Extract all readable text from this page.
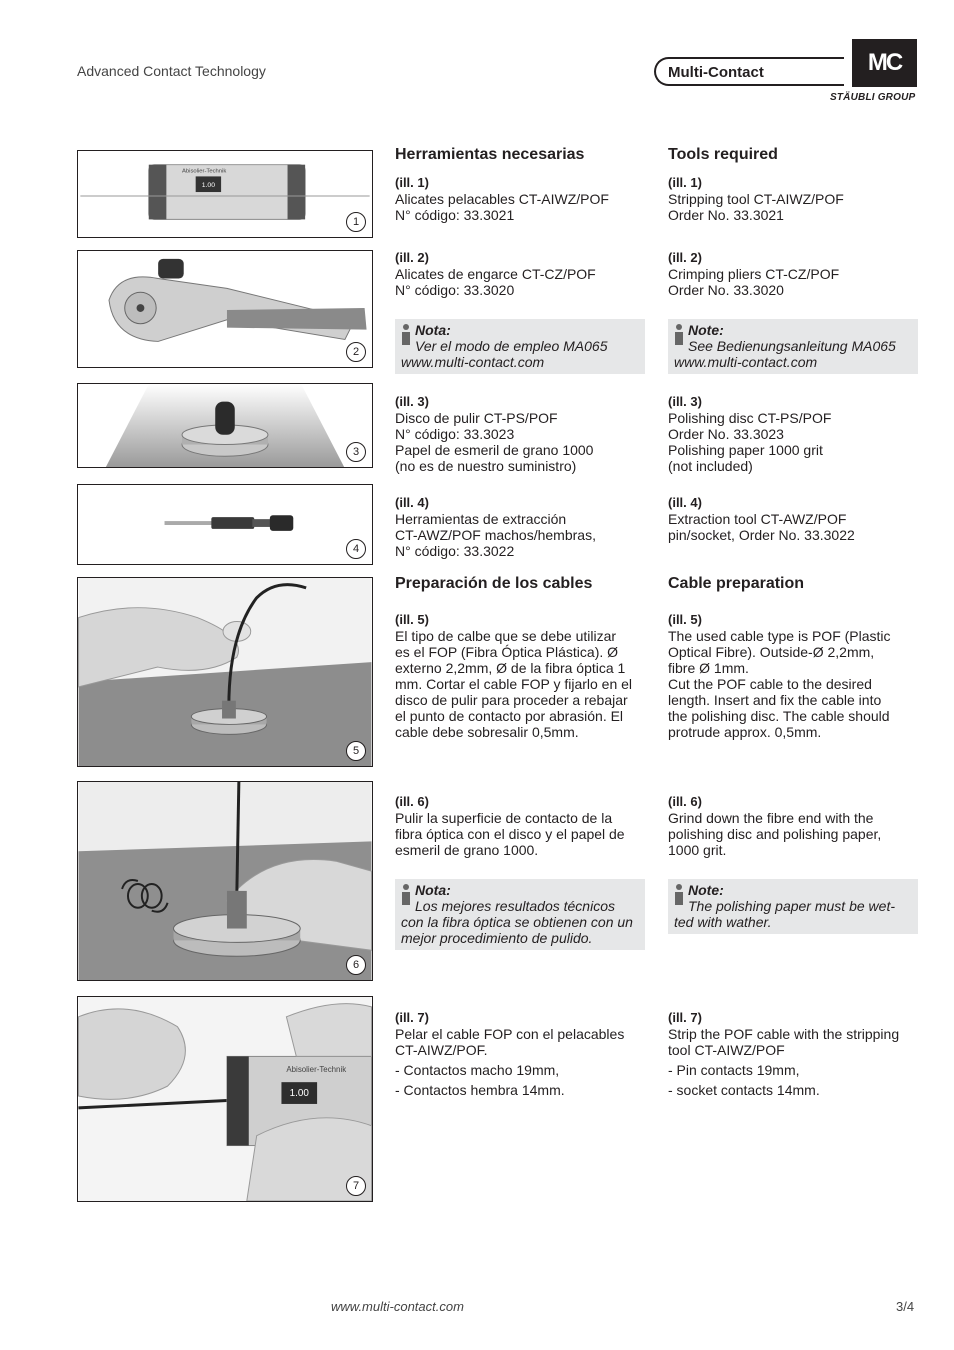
Advanced Contact Technology	Multi-Contact	MC
STÄUBLI GROUP
1.00
Abisolier-Technik
1
2
3
4
5
6
1.00
Abisolier-Technik
7
Herramientas necesarias
(ill. 1)
Alicates pelacables CT-AIWZ/POF
N° código: 33.3021
(ill. 2)
Alicates de engarce CT-CZ/POF
N° código: 33.3020
Nota:
Ver el modo de empleo MA065
www.multi-contact.com
(ill. 3)
Disco de pulir CT-PS/POF
N° código: 33.3023
Papel de esmeril de grano 1000
(no es de nuestro suministro)
(ill. 4)
Herramientas de extracción
CT-AWZ/POF machos/hembras,
N° código: 33.3022
Preparación de los cables
(ill. 5)
El tipo de calbe que se debe utilizar
es el FOP (Fibra Óptica Plástica). Ø
externo 2,2mm, Ø de la fibra óptica 1
mm. Cortar el cable FOP y fijarlo en el
disco de pulir para proceder a rebajar
el punto de contacto por abrasión. El
cable debe sobresalir 0,5mm.
(ill. 6)
Pulir la superficie de contacto de la
fibra óptica con el disco y el papel de
esmeril de grano 1000.
Nota:
Los mejores resultados técnicos
con la fibra óptica se obtienen con un
mejor procedimiento de pulido.
(ill. 7)
Pelar el cable FOP con el pelacables
CT-AIWZ/POF.
- Contactos macho 19mm,
- Contactos hembra 14mm.
Tools required
(ill. 1)
Stripping tool CT-AIWZ/POF
Order No. 33.3021
(ill. 2)
Crimping pliers CT-CZ/POF
Order No. 33.3020
Note:
See Bedienungsanleitung MA065
www.multi-contact.com
(ill. 3)
Polishing disc CT-PS/POF
Order No. 33.3023
Polishing paper 1000 grit
(not included)
(ill. 4)
Extraction tool CT-AWZ/POF
pin/socket, Order No. 33.3022
Cable preparation
(ill. 5)
The used cable type is POF (Plastic
Optical Fibre). Outside-Ø 2,2mm,
fibre Ø 1mm.
Cut the POF cable to the desired
length. Insert and fix the cable into
the polishing disc. The cable should
protrude approx. 0,5mm.
(ill. 6)
Grind down the fibre end with the
polishing disc and polishing paper,
1000 grit.
Note:
The polishing paper must be wet-
ted with wather.
(ill. 7)
Strip the POF cable with the stripping
tool CT-AIWZ/POF
- Pin contacts 19mm,
- socket contacts 14mm.
www.multi-contact.com	3/4
